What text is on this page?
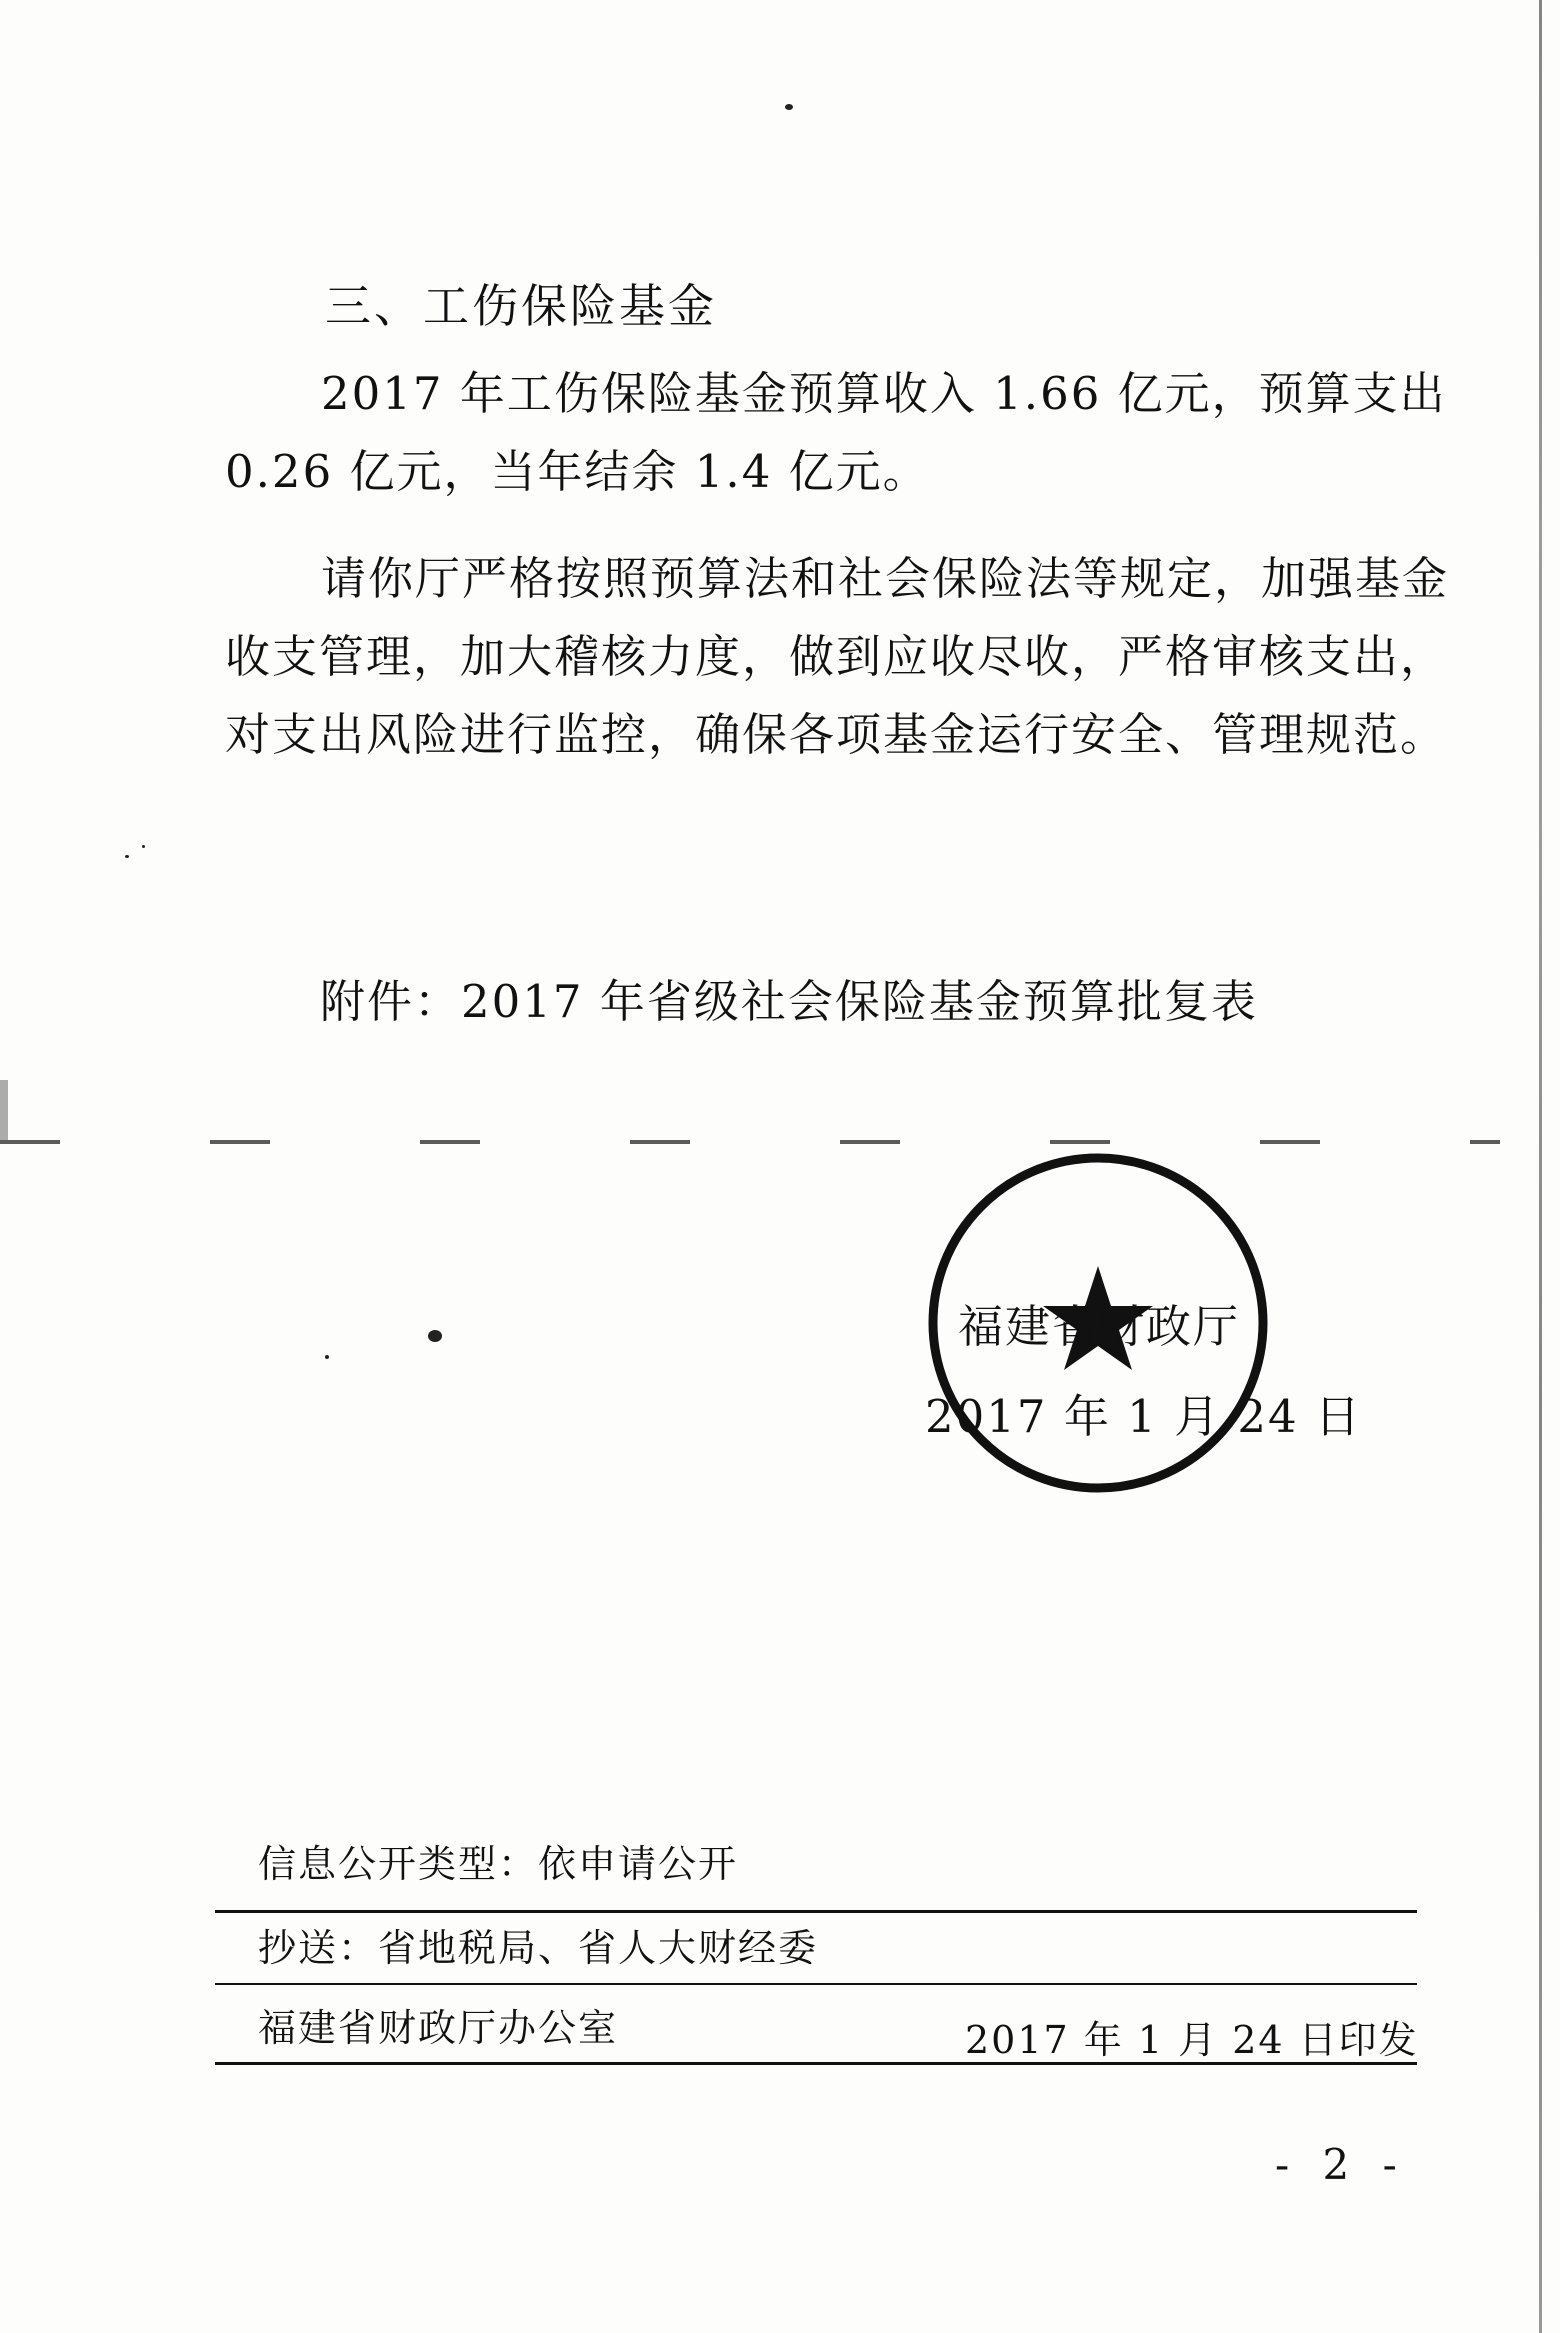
三、工伤保险基金

2017 年工伤保险基金预算收入 1.66 亿元，预算支出 0.26 亿元，当年结余 1.4 亿元。

请你厅严格按照预算法和社会保险法等规定，加强基金收支管理，加大稽核力度，做到应收尽收，严格审核支出，对支出风险进行监控，确保各项基金运行安全、管理规范。

附件：2017 年省级社会保险基金预算批复表
福建省财政厅
2017 年 1 月 24 日
信息公开类型：依申请公开
抄送：省地税局、省人大财经委
福建省财政厅办公室	2017 年 1 月 24 日印发
- 2 -
